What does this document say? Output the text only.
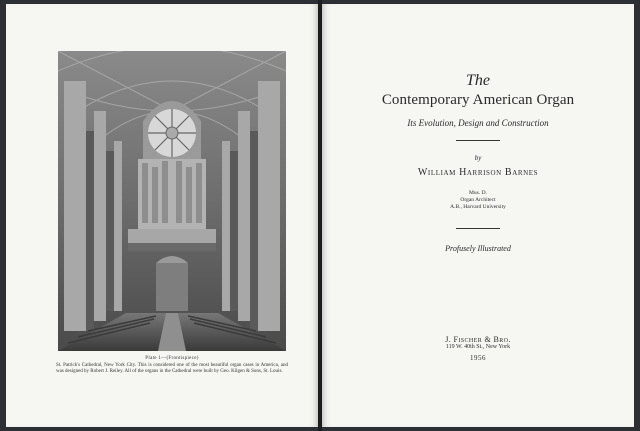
Plate 1—(Frontispiece)
St. Patrick's Cathedral, New York City. This is considered one of the most beautiful organ cases in America, and was designed by Robert J. Reiley. All of the organs in the Cathedral were built by Geo. Kilgen & Sons, St. Louis.
The
Contemporary American Organ
Its Evolution, Design and Construction
by
William Harrison Barnes
Mus. D.
Organ Architect
A.B., Harvard University
Profusely Illustrated
J. Fischer & Bro.
119 W. 40th St., New York
1956
